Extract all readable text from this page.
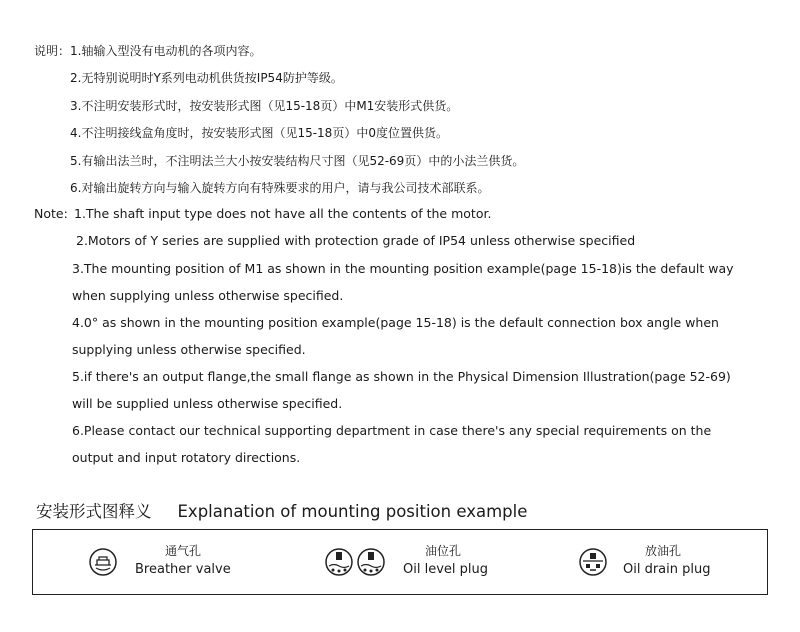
说明： 1.轴输入型没有电动机的各项内容。
2.无特别说明时Y系列电动机供货按IP54防护等级。
3.不注明安装形式时，按安装形式图（见15-18页）中M1安装形式供货。
4.不注明接线盒角度时，按安装形式图（见15-18页）中0度位置供货。
5.有输出法兰时，不注明法兰大小按安装结构尺寸图（见52-69页）中的小法兰供货。
6.对输出旋转方向与输入旋转方向有特殊要求的用户，请与我公司技术部联系。
Note: 1.The shaft input type does not have all the contents of the motor.
2.Motors of Y series are supplied with protection grade of IP54 unless otherwise specified
3.The mounting position of M1 as shown in the mounting position example(page 15-18)is the default way
when supplying unless otherwise specified.
4.0° as shown in the mounting position example(page 15-18) is the default connection box angle when
supplying unless otherwise specified.
5.if there's an output flange,the small flange as shown in the Physical Dimension Illustration(page 52-69)
will be supplied unless otherwise specified.
6.Please contact our technical supporting department in case there's any special requirements on the
output and input rotatory directions.
安装形式图释义 Explanation of mounting position example
通气孔
Breather valve
油位孔
Oil level plug
放油孔
Oil drain plug
